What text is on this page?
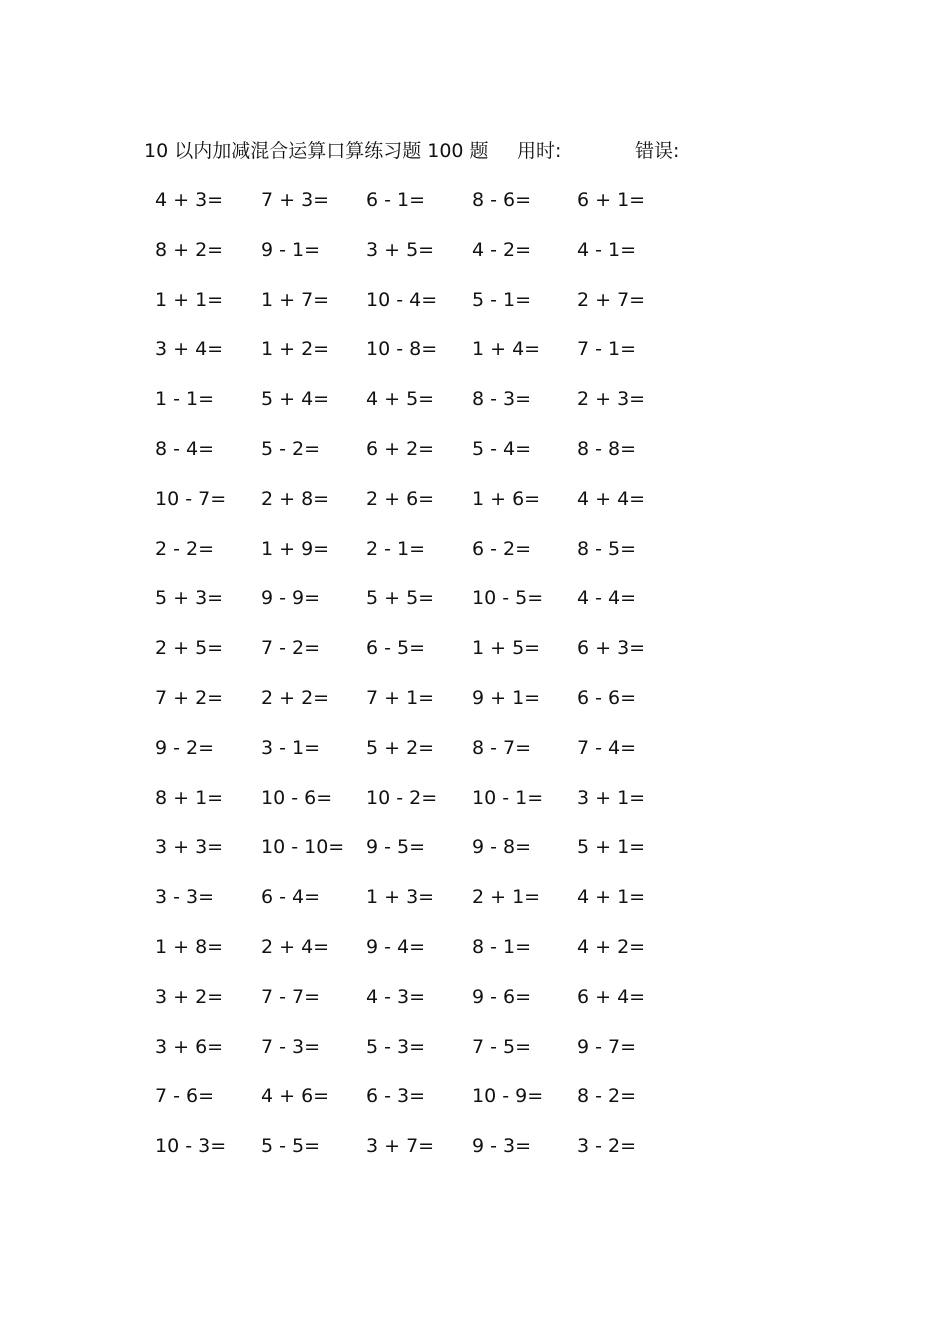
10 以内加减混合运算口算练习题 100 题 用时:	错误:
4 + 3= 7 + 3= 6 - 1= 8 - 6= 6 + 1=
8 + 2= 9 - 1= 3 + 5= 4 - 2= 4 - 1=
1 + 1= 1 + 7= 10 - 4= 5 - 1= 2 + 7=
3 + 4= 1 + 2= 10 - 8= 1 + 4= 7 - 1=
1 - 1= 5 + 4= 4 + 5= 8 - 3= 2 + 3=
8 - 4= 5 - 2= 6 + 2= 5 - 4= 8 - 8=
10 - 7= 2 + 8= 2 + 6= 1 + 6= 4 + 4=
2 - 2= 1 + 9= 2 - 1= 6 - 2= 8 - 5=
5 + 3= 9 - 9= 5 + 5= 10 - 5= 4 - 4=
2 + 5= 7 - 2= 6 - 5= 1 + 5= 6 + 3=
7 + 2= 2 + 2= 7 + 1= 9 + 1= 6 - 6=
9 - 2= 3 - 1= 5 + 2= 8 - 7= 7 - 4=
8 + 1= 10 - 6= 10 - 2= 10 - 1= 3 + 1=
3 + 3= 10 - 10= 9 - 5= 9 - 8= 5 + 1=
3 - 3= 6 - 4= 1 + 3= 2 + 1= 4 + 1=
1 + 8= 2 + 4= 9 - 4= 8 - 1= 4 + 2=
3 + 2= 7 - 7= 4 - 3= 9 - 6= 6 + 4=
3 + 6= 7 - 3= 5 - 3= 7 - 5= 9 - 7=
7 - 6= 4 + 6= 6 - 3= 10 - 9= 8 - 2=
10 - 3= 5 - 5= 3 + 7= 9 - 3= 3 - 2=
